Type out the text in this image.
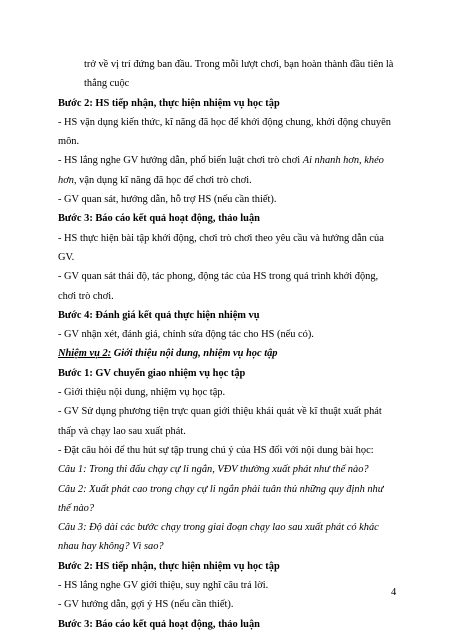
trở về vị trí đứng ban đầu. Trong mỗi lượt chơi, bạn hoàn thành đầu tiên là thắng cuộc

Bước 2: HS tiếp nhận, thực hiện nhiệm vụ học tập

- HS vận dụng kiến thức, kĩ năng đã học để khởi động chung, khởi động chuyên môn.

- HS lắng nghe GV hướng dẫn, phổ biến luật chơi trò chơi Ai nhanh hơn, khéo hơn, vận dụng kĩ năng đã học để chơi trò chơi.

- GV quan sát, hướng dẫn, hỗ trợ HS (nếu cần thiết).

Bước 3: Báo cáo kết quả hoạt động, thảo luận

- HS thực hiện bài tập khởi động, chơi trò chơi theo yêu cầu và hướng dẫn của GV.

- GV quan sát thái độ, tác phong, động tác của HS trong quá trình khởi động, chơi trò chơi.

Bước 4: Đánh giá kết quả thực hiện nhiệm vụ

- GV nhận xét, đánh giá, chỉnh sửa động tác cho HS (nếu có).

Nhiệm vụ 2: Giới thiệu nội dung, nhiệm vụ học tập

Bước 1: GV chuyển giao nhiệm vụ học tập

- Giới thiệu nội dung, nhiệm vụ học tập.

- GV Sử dụng phương tiện trực quan giới thiệu khái quát về kĩ thuật xuất phát thấp và chạy lao sau xuất phát.

- Đặt câu hỏi để thu hút sự tập trung chú ý của HS đối với nội dung bài học:

Câu 1: Trong thi đấu chạy cự li ngắn, VĐV thường xuất phát như thế nào?

Câu 2: Xuất phát cao trong chạy cự li ngắn phải tuân thủ những quy định như thế nào?

Câu 3: Độ dài các bước chạy trong giai đoạn chạy lao sau xuất phát có khác nhau hay không? Vì sao?

Bước 2: HS tiếp nhận, thực hiện nhiệm vụ học tập

- HS lắng nghe GV giới thiệu, suy nghĩ câu trả lời.

- GV hướng dẫn, gợi ý HS (nếu cần thiết).

Bước 3: Báo cáo kết quả hoạt động, thảo luận

4
